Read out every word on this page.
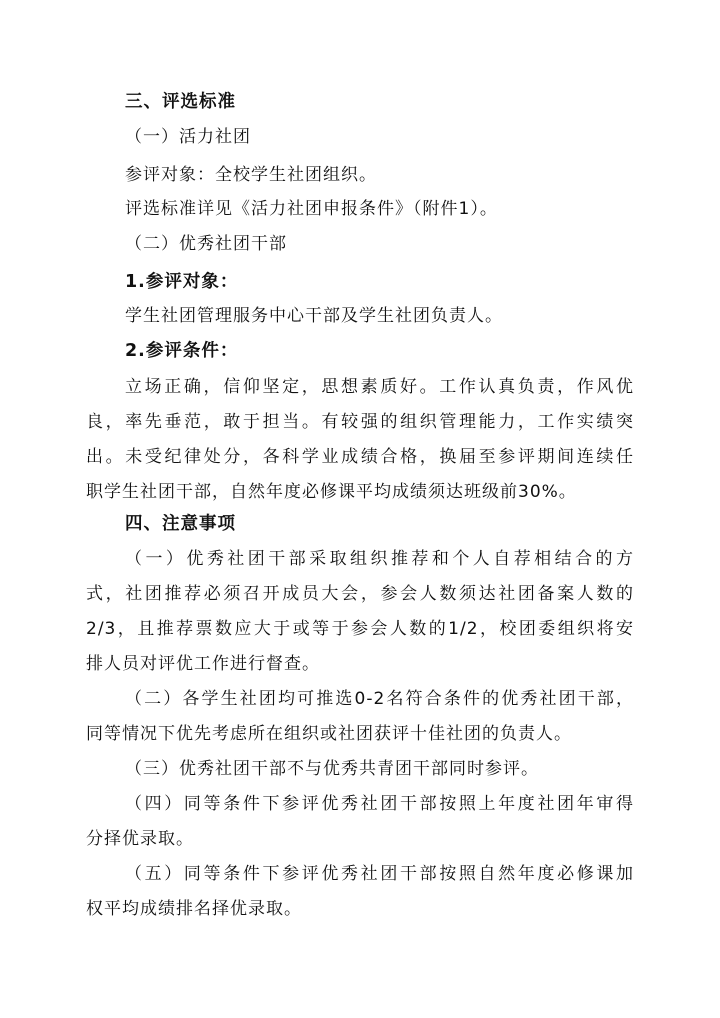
三、评选标准
（一）活力社团
参评对象：全校学生社团组织。
评选标准详见《活力社团申报条件》（附件1）。
（二）优秀社团干部
1.参评对象：
学生社团管理服务中心干部及学生社团负责人。
2.参评条件：
立场正确，信仰坚定，思想素质好。工作认真负责，作风优
良，率先垂范，敢于担当。有较强的组织管理能力，工作实绩突
出。未受纪律处分，各科学业成绩合格，换届至参评期间连续任
职学生社团干部，自然年度必修课平均成绩须达班级前30%。
四、注意事项
（一）优秀社团干部采取组织推荐和个人自荐相结合的方
式，社团推荐必须召开成员大会，参会人数须达社团备案人数的
2/3，且推荐票数应大于或等于参会人数的1/2，校团委组织将安
排人员对评优工作进行督查。
（二）各学生社团均可推选0-2名符合条件的优秀社团干部，
同等情况下优先考虑所在组织或社团获评十佳社团的负责人。
（三）优秀社团干部不与优秀共青团干部同时参评。
（四）同等条件下参评优秀社团干部按照上年度社团年审得
分择优录取。
（五）同等条件下参评优秀社团干部按照自然年度必修课加
权平均成绩排名择优录取。
